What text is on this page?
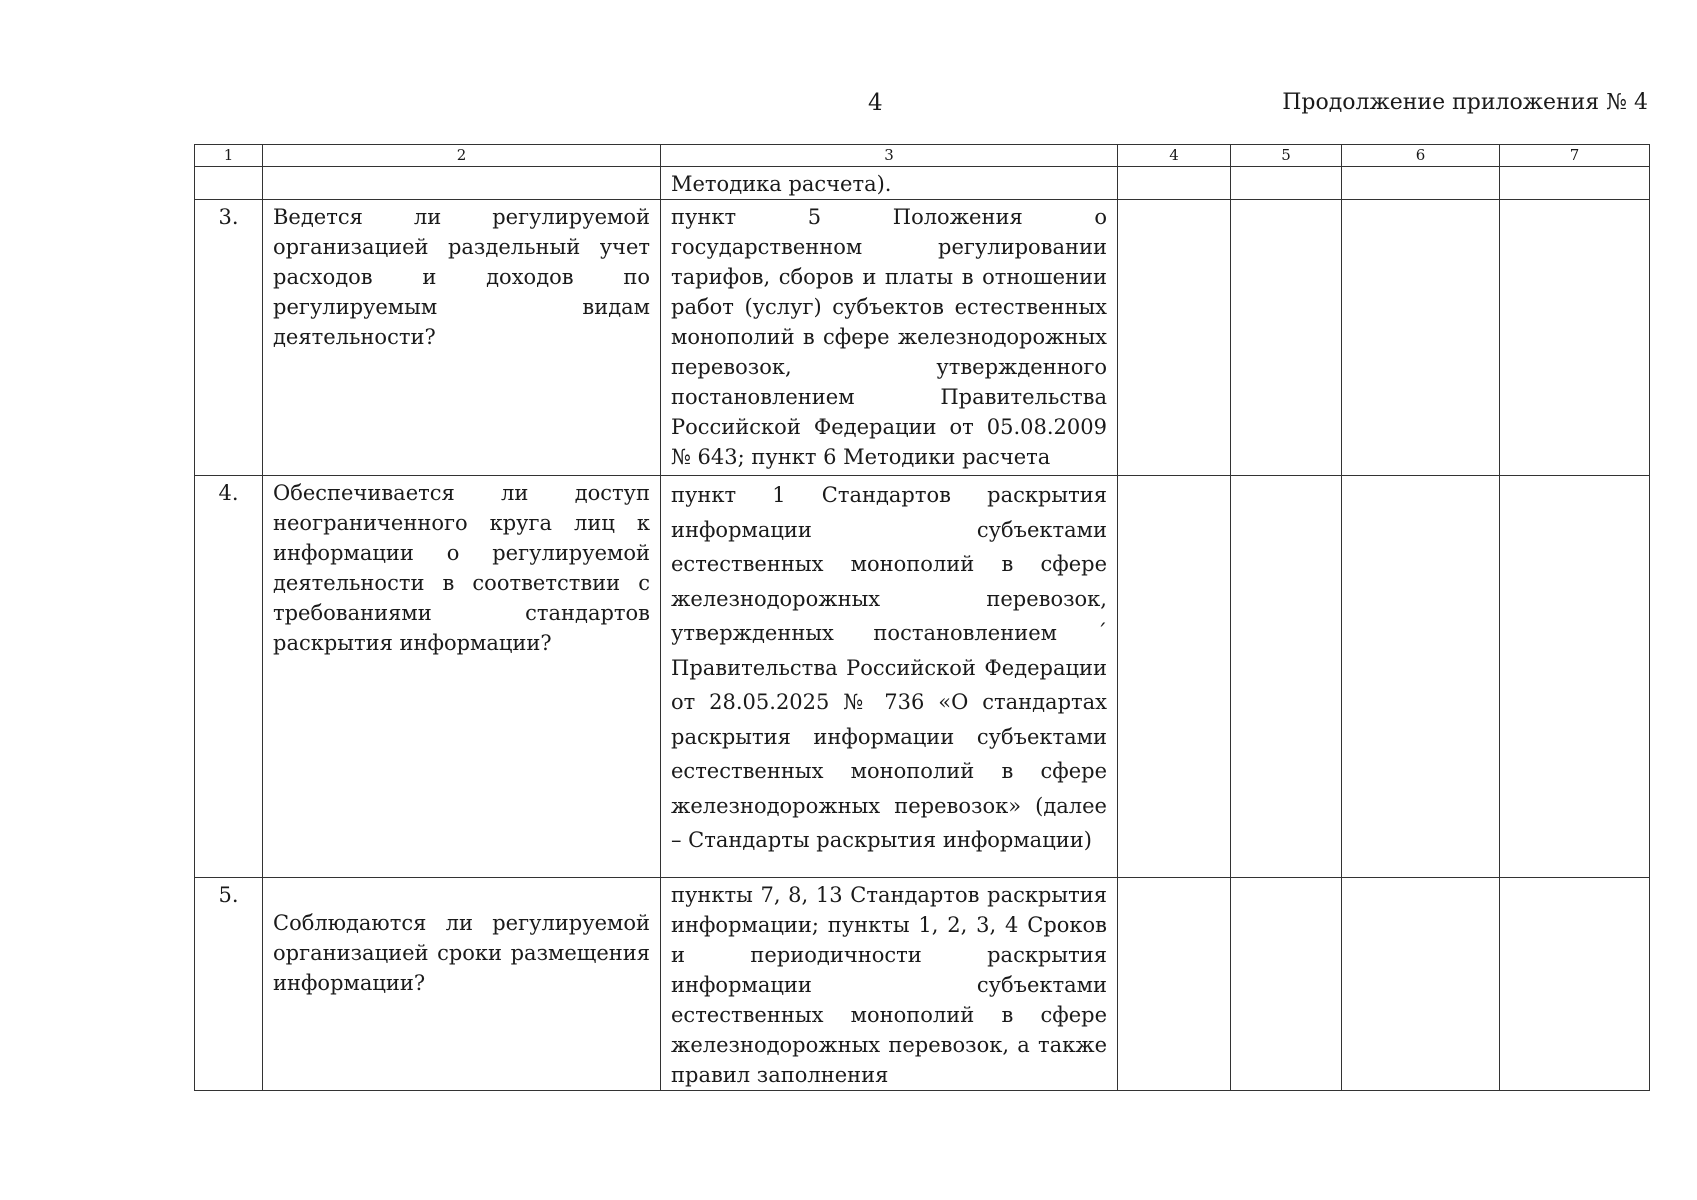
4	Продолжение приложения № 4
1	2	3	4	5	6	7
		Методика расчета).				
3.	Ведется ли регулируемой организацией раздельный учет расходов и доходов по регулируемым видам деятельности?	пункт 5 Положения о государственном регулировании тарифов, сборов и платы в отношении работ (услуг) субъектов естественных монополий в сфере железнодорожных перевозок, утвержденного постановлением Правительства Российской Федерации от 05.08.2009 № 643; пункт 6 Методики расчета				
4.	Обеспечивается ли доступ неограниченного круга лиц к информации о регулируемой деятельности в соответствии с требованиями стандартов раскрытия информации?	пункт 1 Стандартов раскрытия информации субъектами естественных монополий в сфере железнодорожных перевозок, утвержденных постановлением ´ Правительства Российской Федерации от 28.05.2025 № 736 «О стандартах раскрытия информации субъектами естественных монополий в сфере железнодорожных перевозок» (далее – Стандарты раскрытия информации)				
5.	Соблюдаются ли регулируемой организацией сроки размещения информации?	пункты 7, 8, 13 Стандартов раскрытия информации; пункты 1, 2, 3, 4 Сроков и периодичности раскрытия информации субъектами естественных монополий в сфере железнодорожных перевозок, а также правил заполнения				
